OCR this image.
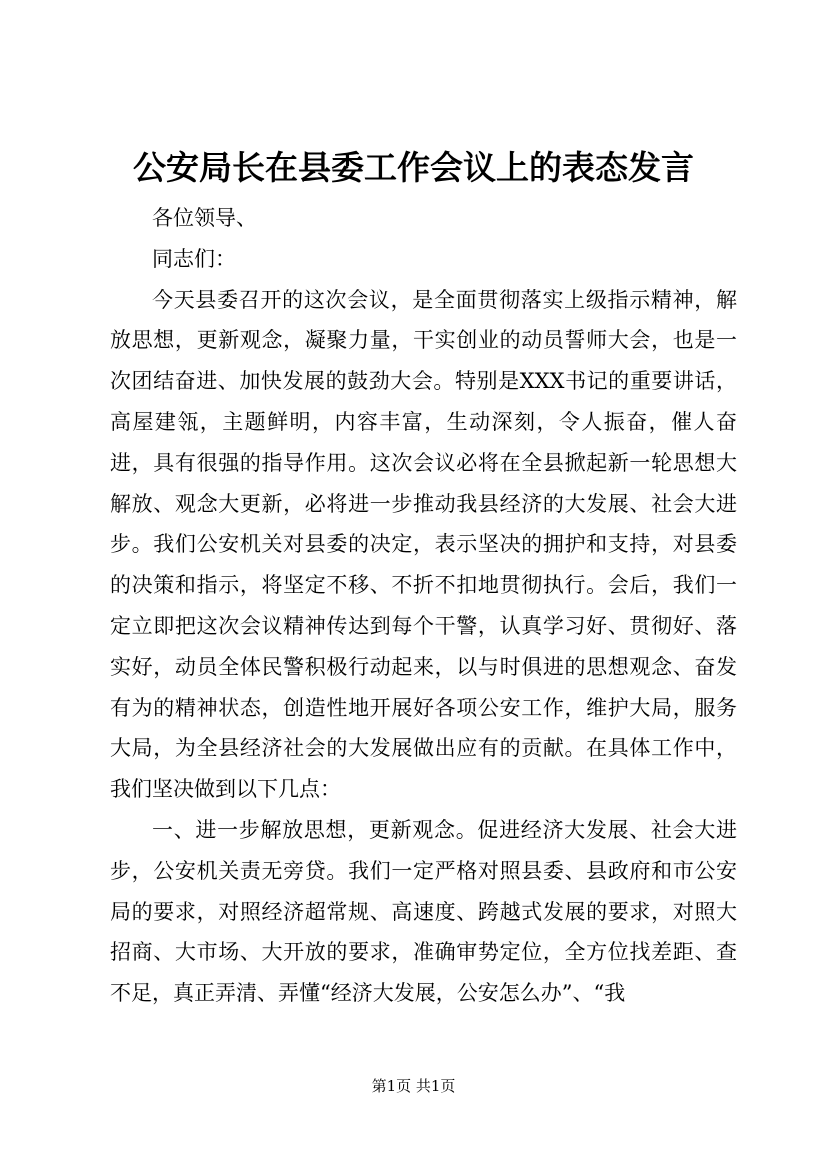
公安局长在县委工作会议上的表态发言

各位领导、

同志们：

今天县委召开的这次会议，是全面贯彻落实上级指示精神，解放思想，更新观念，凝聚力量，干实创业的动员誓师大会，也是一次团结奋进、加快发展的鼓劲大会。特别是XXX书记的重要讲话，高屋建瓴，主题鲜明，内容丰富，生动深刻，令人振奋，催人奋进，具有很强的指导作用。这次会议必将在全县掀起新一轮思想大解放、观念大更新，必将进一步推动我县经济的大发展、社会大进步。我们公安机关对县委的决定，表示坚决的拥护和支持，对县委的决策和指示，将坚定不移、不折不扣地贯彻执行。会后，我们一定立即把这次会议精神传达到每个干警，认真学习好、贯彻好、落实好，动员全体民警积极行动起来，以与时俱进的思想观念、奋发有为的精神状态，创造性地开展好各项公安工作，维护大局，服务大局，为全县经济社会的大发展做出应有的贡献。在具体工作中，我们坚决做到以下几点：

一、进一步解放思想，更新观念。促进经济大发展、社会大进步，公安机关责无旁贷。我们一定严格对照县委、县政府和市公安局的要求，对照经济超常规、高速度、跨越式发展的要求，对照大招商、大市场、大开放的要求，准确审势定位，全方位找差距、查不足，真正弄清、弄懂“经济大发展，公安怎么办”、“我

第1页 共1页
